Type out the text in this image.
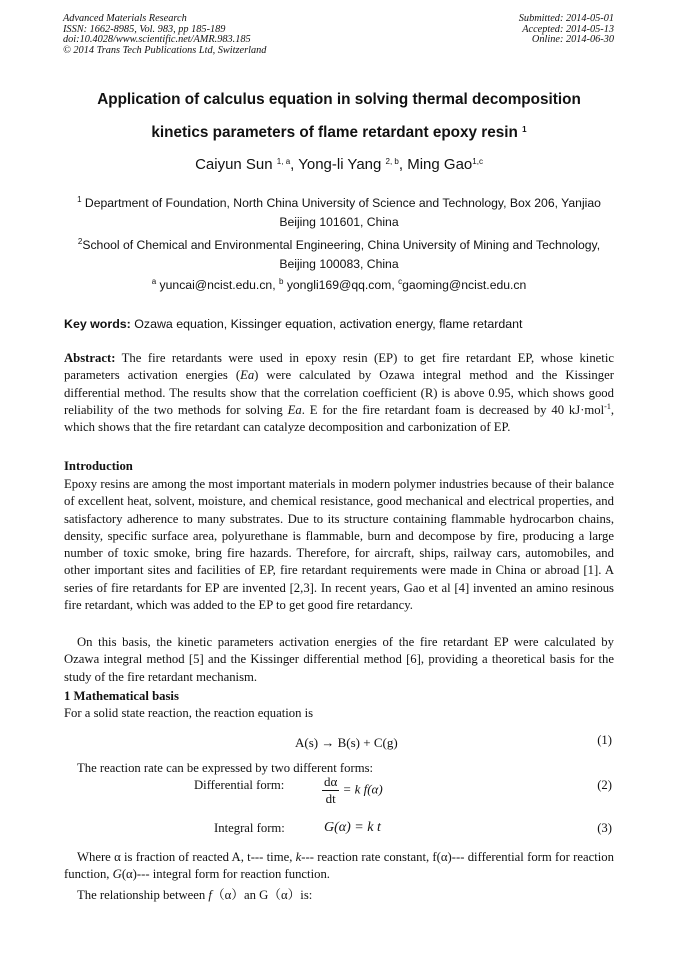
Advanced Materials Research
ISSN: 1662-8985, Vol. 983, pp 185-189
doi:10.4028/www.scientific.net/AMR.983.185
© 2014 Trans Tech Publications Ltd, Switzerland
Submitted: 2014-05-01
Accepted: 2014-05-13
Online: 2014-06-30
Application of calculus equation in solving thermal decomposition
kinetics parameters of flame retardant epoxy resin $^1$
Caiyun Sun $^{1, a}$, Yong-li Yang $^{2, b}$, Ming Gao$^{1,c}$
$^1$ Department of Foundation, North China University of Science and Technology, Box 206, Yanjiao Beijing 101601, China
$^2$School of Chemical and Environmental Engineering, China University of Mining and Technology, Beijing 100083, China
$^a$ yuncai@ncist.edu.cn, $^b$ yongli169@qq.com, $^c$gaoming@ncist.edu.cn
Key words: Ozawa equation, Kissinger equation, activation energy, flame retardant
Abstract: The fire retardants were used in epoxy resin (EP) to get fire retardant EP, whose kinetic parameters activation energies (Ea) were calculated by Ozawa integral method and the Kissinger differential method. The results show that the correlation coefficient (R) is above 0.95, which shows good reliability of the two methods for solving Ea. E for the fire retardant foam is decreased by 40 kJ·mol$^{-1}$, which shows that the fire retardant can catalyze decomposition and carbonization of EP.
Introduction
Epoxy resins are among the most important materials in modern polymer industries because of their balance of excellent heat, solvent, moisture, and chemical resistance, good mechanical and electrical properties, and satisfactory adherence to many substrates. Due to its structure containing flammable hydrocarbon chains, density, specific surface area, polyurethane is flammable, burn and decompose by fire, producing a large number of toxic smoke, bring fire hazards. Therefore, for aircraft, ships, railway cars, automobiles, and other important sites and facilities of EP, fire retardant requirements were made in China or abroad [1]. A series of fire retardants for EP are invented [2,3]. In recent years, Gao et al [4] invented an amino resinous fire retardant, which was added to the EP to get good fire retardancy.
On this basis, the kinetic parameters activation energies of the fire retardant EP were calculated by Ozawa integral method [5] and the Kissinger differential method [6], providing a theoretical basis for the study of the fire retardant mechanism.
1 Mathematical basis
For a solid state reaction, the reaction equation is
A(s) → B(s) + C(g)	(1)
The reaction rate can be expressed by two different forms:
Differential form:	$\frac{d\alpha}{dt} = k$ f(α)	(2)
Integral form:	G(α) = k t	(3)
Where α is fraction of reacted A, t--- time, k--- reaction rate constant, f(α)--- differential form for reaction function, G(α)--- integral form for reaction function.
The relationship between f（α）an G（α）is:
